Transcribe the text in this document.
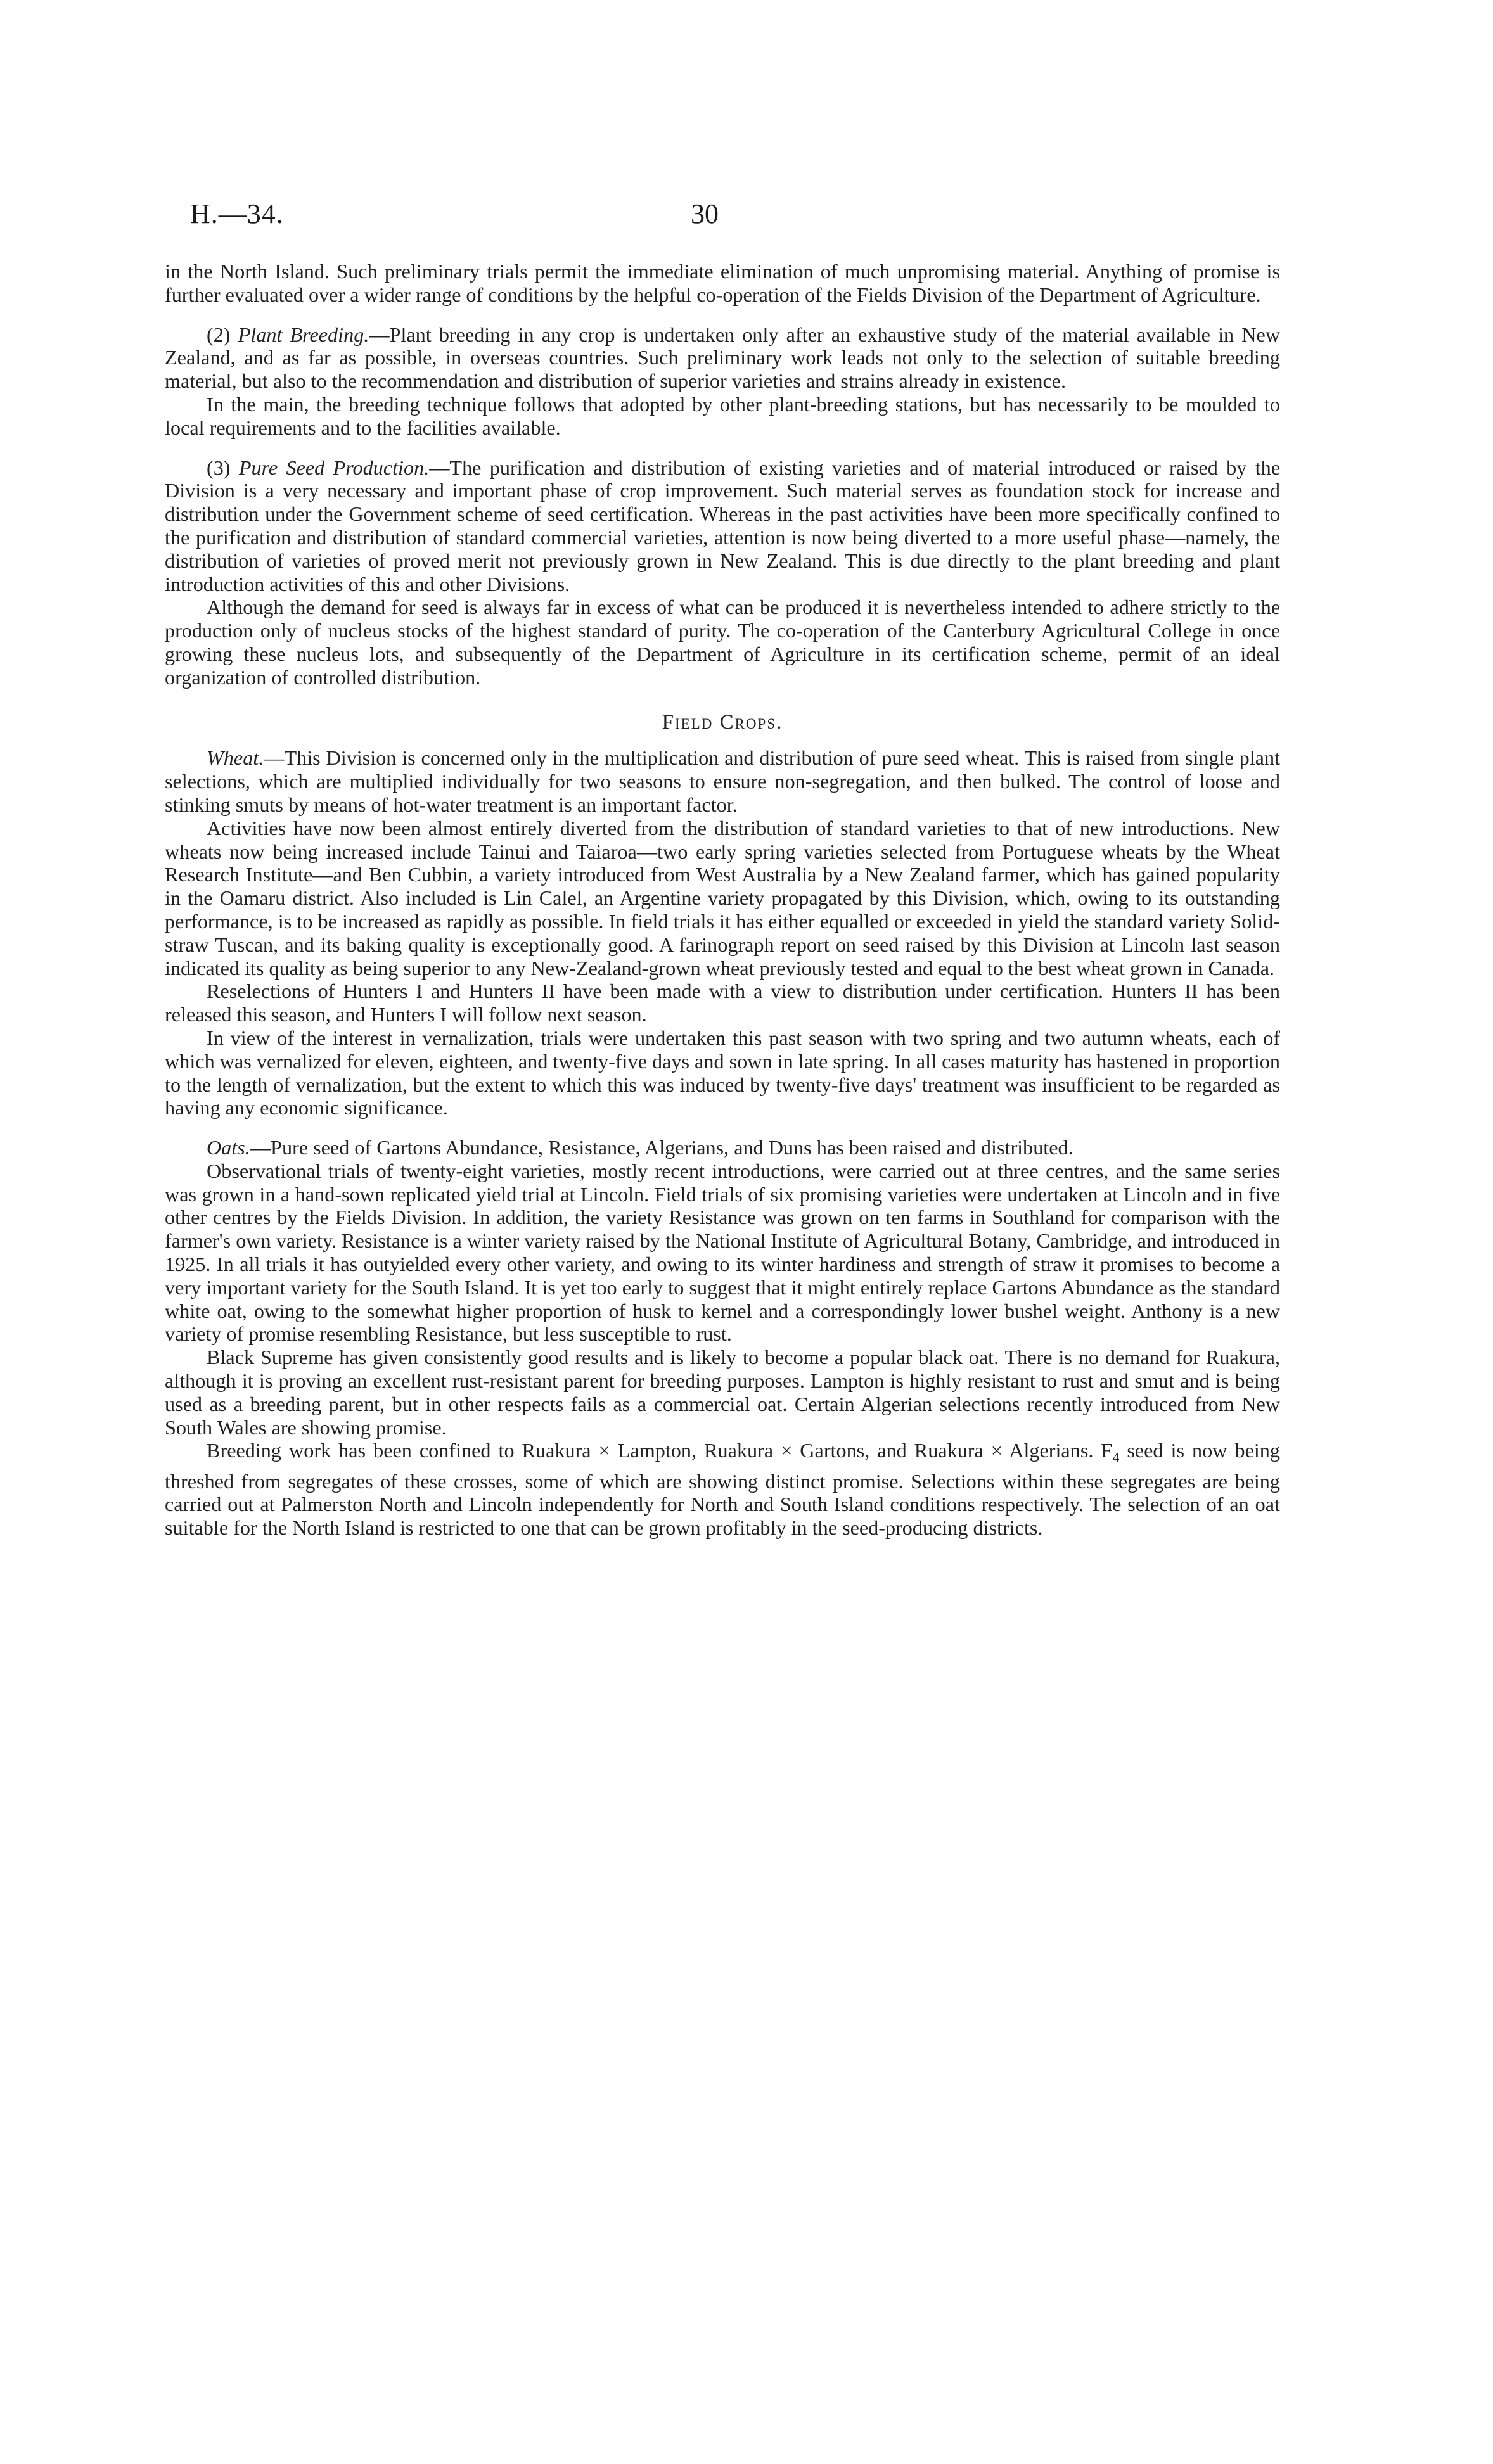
H.—34.	30

in the North Island. Such preliminary trials permit the immediate elimination of much unpromising material. Anything of promise is further evaluated over a wider range of conditions by the helpful co-operation of the Fields Division of the Department of Agriculture.

(2) Plant Breeding.—Plant breeding in any crop is undertaken only after an exhaustive study of the material available in New Zealand, and as far as possible, in overseas countries. Such preliminary work leads not only to the selection of suitable breeding material, but also to the recommendation and distribution of superior varieties and strains already in existence.

In the main, the breeding technique follows that adopted by other plant-breeding stations, but has necessarily to be moulded to local requirements and to the facilities available.

(3) Pure Seed Production.—The purification and distribution of existing varieties and of material introduced or raised by the Division is a very necessary and important phase of crop improvement. Such material serves as foundation stock for increase and distribution under the Government scheme of seed certification. Whereas in the past activities have been more specifically confined to the purification and distribution of standard commercial varieties, attention is now being diverted to a more useful phase—namely, the distribution of varieties of proved merit not previously grown in New Zealand. This is due directly to the plant breeding and plant introduction activities of this and other Divisions.

Although the demand for seed is always far in excess of what can be produced it is nevertheless intended to adhere strictly to the production only of nucleus stocks of the highest standard of purity. The co-operation of the Canterbury Agricultural College in once growing these nucleus lots, and subsequently of the Department of Agriculture in its certification scheme, permit of an ideal organization of controlled distribution.

Field Crops.

Wheat.—This Division is concerned only in the multiplication and distribution of pure seed wheat. This is raised from single plant selections, which are multiplied individually for two seasons to ensure non-segregation, and then bulked. The control of loose and stinking smuts by means of hot-water treatment is an important factor.

Activities have now been almost entirely diverted from the distribution of standard varieties to that of new introductions. New wheats now being increased include Tainui and Taiaroa—two early spring varieties selected from Portuguese wheats by the Wheat Research Institute—and Ben Cubbin, a variety introduced from West Australia by a New Zealand farmer, which has gained popularity in the Oamaru district. Also included is Lin Calel, an Argentine variety propagated by this Division, which, owing to its outstanding performance, is to be increased as rapidly as possible. In field trials it has either equalled or exceeded in yield the standard variety Solid-straw Tuscan, and its baking quality is exceptionally good. A farinograph report on seed raised by this Division at Lincoln last season indicated its quality as being superior to any New-Zealand-grown wheat previously tested and equal to the best wheat grown in Canada.

Reselections of Hunters I and Hunters II have been made with a view to distribution under certification. Hunters II has been released this season, and Hunters I will follow next season.

In view of the interest in vernalization, trials were undertaken this past season with two spring and two autumn wheats, each of which was vernalized for eleven, eighteen, and twenty-five days and sown in late spring. In all cases maturity has hastened in proportion to the length of vernalization, but the extent to which this was induced by twenty-five days' treatment was insufficient to be regarded as having any economic significance.

Oats.—Pure seed of Gartons Abundance, Resistance, Algerians, and Duns has been raised and distributed.

Observational trials of twenty-eight varieties, mostly recent introductions, were carried out at three centres, and the same series was grown in a hand-sown replicated yield trial at Lincoln. Field trials of six promising varieties were undertaken at Lincoln and in five other centres by the Fields Division. In addition, the variety Resistance was grown on ten farms in Southland for comparison with the farmer's own variety. Resistance is a winter variety raised by the National Institute of Agricultural Botany, Cambridge, and introduced in 1925. In all trials it has outyielded every other variety, and owing to its winter hardiness and strength of straw it promises to become a very important variety for the South Island. It is yet too early to suggest that it might entirely replace Gartons Abundance as the standard white oat, owing to the somewhat higher proportion of husk to kernel and a correspondingly lower bushel weight. Anthony is a new variety of promise resembling Resistance, but less susceptible to rust.

Black Supreme has given consistently good results and is likely to become a popular black oat. There is no demand for Ruakura, although it is proving an excellent rust-resistant parent for breeding purposes. Lampton is highly resistant to rust and smut and is being used as a breeding parent, but in other respects fails as a commercial oat. Certain Algerian selections recently introduced from New South Wales are showing promise.

Breeding work has been confined to Ruakura × Lampton, Ruakura × Gartons, and Ruakura × Algerians. $F_4$ seed is now being threshed from segregates of these crosses, some of which are showing distinct promise. Selections within these segregates are being carried out at Palmerston North and Lincoln independently for North and South Island conditions respectively. The selection of an oat suitable for the North Island is restricted to one that can be grown profitably in the seed-producing districts.
